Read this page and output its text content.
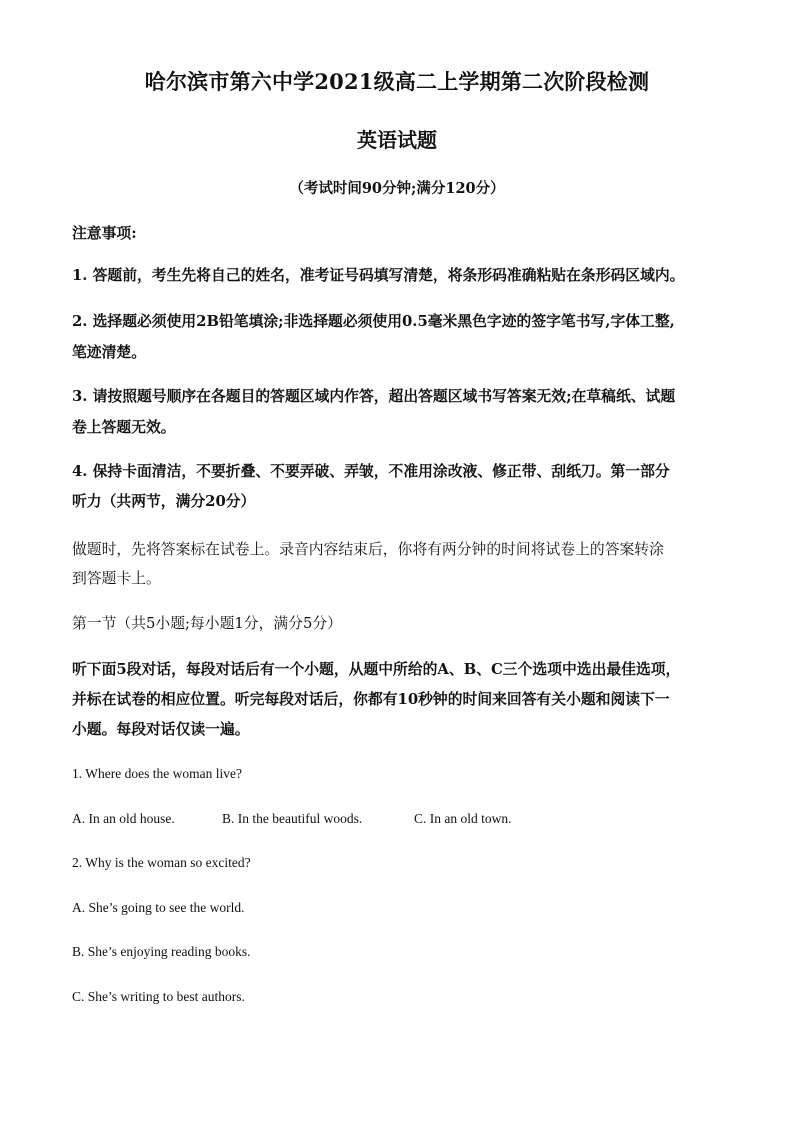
哈尔滨市第六中学2021级高二上学期第二次阶段检测
英语试题
（考试时间90分钟;满分120分）
注意事项:
1. 答题前，考生先将自己的姓名，准考证号码填写清楚，将条形码准确粘贴在条形码区域内。
2. 选择题必须使用2B铅笔填涂;非选择题必须使用0.5毫米黑色字迹的签字笔书写,字体工整,
笔迹清楚。
3. 请按照题号顺序在各题目的答题区域内作答，超出答题区域书写答案无效;在草稿纸、试题
卷上答题无效。
4. 保持卡面清洁，不要折叠、不要弄破、弄皱，不准用涂改液、修正带、刮纸刀。第一部分
听力（共两节，满分20分）
做题时，先将答案标在试卷上。录音内容结束后，你将有两分钟的时间将试卷上的答案转涂
到答题卡上。
第一节（共5小题;每小题1分，满分5分）
听下面5段对话，每段对话后有一个小题，从题中所给的A、B、C三个选项中选出最佳选项，
并标在试卷的相应位置。听完每段对话后，你都有10秒钟的时间来回答有关小题和阅读下一
小题。每段对话仅读一遍。
1. Where does the woman live?
A. In an old house.	B. In the beautiful woods.	C. In an old town.
2. Why is the woman so excited?
A. She’s going to see the world.
B. She’s enjoying reading books.
C. She’s writing to best authors.
